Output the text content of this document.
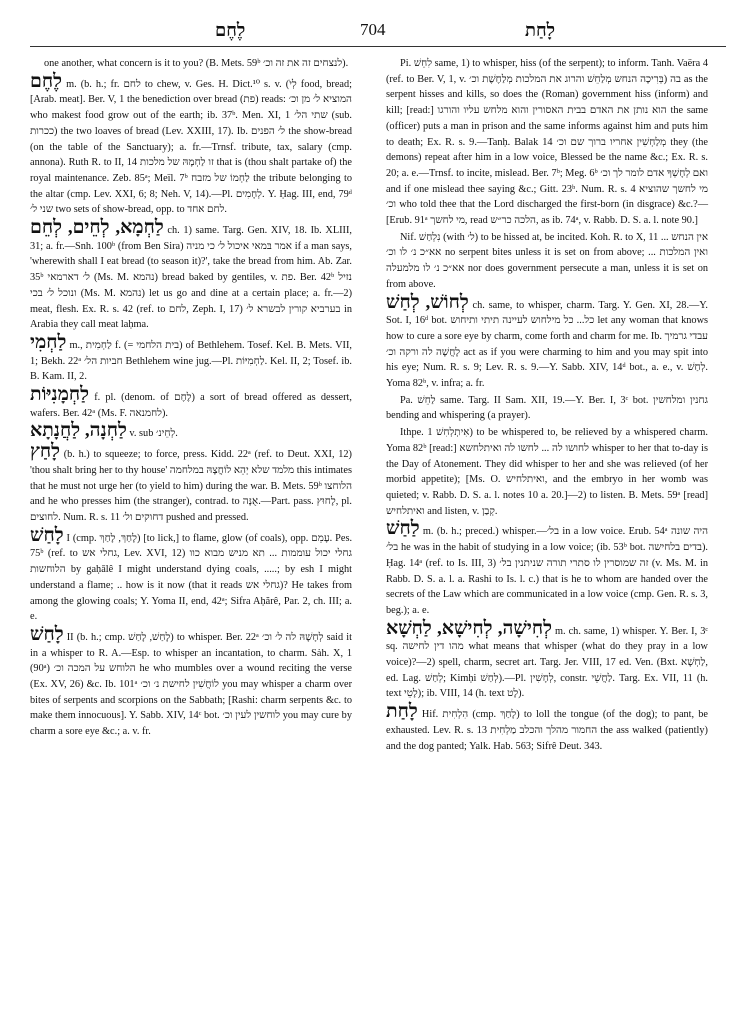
לֶחֶם	704	לָחַת

one another, what concern is it to you? (B. Mets. 59ᵇ לנצחים זה את זה וכ׳).

לֶחֶם m. (b. h.; fr. לחם to chew, v. Ges. H. Dict.¹⁰ s. v. (לְיֹ food, bread; [Arab. meat]. Ber. V, 1 the benediction over bread (פת) reads: המוציא ל׳ מן וכ׳ who makest food grow out of the earth; ib. 37ᵇ. Men. XI, 1 שתי הל׳ (sub. ככרות) the two loaves of bread (Lev. XXIII, 17). Ib. ל׳ הפנים the show-bread (on the table of the Sanctuary); a. fr.—Trnsf. tribute, tax, salary (cmp. annona). Ruth R. to II, 14 זו לַחְמָהּ של מלכות that is (thou shalt partake of) the royal maintenance. Zeb. 85ᵃ; Meïl. 7ᵇ לַחְמוֹ של מזבח the tribute belonging to the altar (cmp. Lev. XXI, 6; 8; Neh. V, 14).—Pl. לְחָמִים. Y. Ḥag. III, end, 79ᵈ שני ל׳ two sets of show-bread, opp. to לחם אחד.

לַחְמָא, לְחֵים, לְחֵם ch. 1) same. Targ. Gen. XIV, 18. Ib. XLIII, 31; a. fr.—Snh. 100ᵇ (from Ben Sira) אמר בּמאי איכול ל׳ כי מניה if a man says, 'wherewith shall I eat bread (to season it)?', take the bread from him. Ab. Zar. 35ᵇ ל׳ דארמאי (Ms. M. נהמא) bread baked by gentiles, v. פת. Ber. 42ᵇ נזיל ונוכל ל׳ בכי (Ms. M. נהמא) let us go and dine at a certain place; a. fr.—2) meat, flesh. Ex. R. s. 42 (ref. to לחם, Zeph. I, 17) בערביא קורין לבשרא ל׳ in Arabia they call meat laḥma.

לַחְמִי m., לַחְמִית f. (= בית הלחמי) of Bethlehem. Tosef. Kel. B. Mets. VII, 1; Bekh. 22ᵃ חביות הל׳ Bethlehem wine jug.—Pl. לַחְמִיּוֹת. Kel. II, 2; Tosef. ib. B. Kam. II, 2.

לַחְמָנִיּוֹת f. pl. (denom. of לֶחֶם) a sort of bread offered as dessert, wafers. Ber. 42ᵃ (Ms. F. לחמנאה).

לַחְנָה, לַחֲנָתָא v. sub לְחֵינ׳.

לָחַץ (b. h.) to squeeze; to force, press. Kidd. 22ᵃ (ref. to Deut. XXI, 12) 'thou shalt bring her to thy house' מלמד שלא יְהֵא לוֹחֲצָהּ במלחמה this intimates that he must not urge her (to yield to him) during the war. B. Mets. 59ᵇ הלוחצו and he who presses him (the stranger), contrad. to אֻנָּה.—Part. pass. לָחוּץ, pl. לחוצים. Num. R. s. 11 דחוקים ול׳ pushed and pressed.

לָחַשׁ I (cmp. לָחַךְ, לָחַךְ) [to lick,] to flame, glow (of coals), opp. עָמֵם. Pes. 75ᵇ (ref. to גחלי אש, Lev. XVI, 12) גחלי יכול עוממות ... תא מניש מבוא כוו הלוחשות by gaḥālê I might understand dying coals, .....; by esh I might understand a flame; .. how is it now (that it reads גחלי אש)? He takes from among the glowing coals; Y. Yoma II, end, 42ᵃ; Sifra Aḥărê, Par. 2, ch. III; a. e.

לָחַשׁ II (b. h.; cmp. לָחַשׁ, לָחַשׁ) to whisper. Ber. 22ᵃ לְחָשָׁהּ לה ל׳ וכ׳ said it in a whisper to R. A.—Esp. to whisper an incantation, to charm. Sȧh. X, 1 (90ᵃ) הלוחש על המכה וכ׳ he who mumbles over a wound reciting the verse (Ex. XV, 26) &c. Ib. 101ᵃ לוֹחֲשִׁין לחישת נ׳ וכ׳ you may whisper a charm over bites of serpents and scorpions on the Sabbath; [Rashi: charm serpents &c. to make them innocuous]. Y. Sabb. XIV, 14ᶜ bot. לוחשין לעין וכ׳ you may cure by charm a sore eye &c.; a. v. fr.

Pi. לִחֵשׁ same, 1) to whisper, hiss (of the serpent); to inform. Tanh. Vaëra 4 (ref. to Ber. V, 1, v. בה (בְּרִיכָה הנחש מְלַחֵשׁ והרוג את המלכות מְלַחֶשֶׁת וכ׳ as the serpent hisses and kills, so does the (Roman) government hiss (inform) and kill; [read:] הוא נותן את האדם בבית האסורין והוא מלחש עליו והורגו the same (officer) puts a man in prison and the same informs against him and puts him to death; Ex. R. s. 9.—Tanḥ. Balak 14 מְלַחְשִׁין אחריו ברוך שם וכ׳ they (the demons) repeat after him in a low voice, Blessed be the name &c.; Ex. R. s. 20; a. e.—Trnsf. to incite, mislead. Ber. 7ᵇ; Meg. 6ᵇ ואם לְחָשְׁךָ אדם לומר לך וכ׳ and if one mislead thee saying &c.; Gitt. 23ᵇ. Num. R. s. 4 מי לחשך שהוציא וכ׳ who told thee that the Lord discharged the first-born (in disgrace) &c.?—[Erub. 91ᵃ מי לחשך, read הלכה כר״ש, as ib. 74ᵃ, v. Rabb. D. S. a. l. note 90.]

Nif. נִלְחַשׁ (with ל׳) to be hissed at, be incited. Koh. R. to X, 11 אין הנחש ... אא״כ נ׳ לו וכ׳ no serpent bites unless it is set on from above; ואין המלכות ... אא״כ נ׳ לו מלמעלה nor does government persecute a man, unless it is set on from above.

לְחוֹשׁ, לְחַשׁ ch. same, to whisper, charm. Targ. Y. Gen. XI, 28.—Y. Sot. I, 16ᵈ bot. כל... כל מילחוש לעיינה תיתי ותיחוש let any woman that knows how to cure a sore eye by charm, come forth and charm for me. Ib. עבדי גרמיך לָחֲשָׁה לה ורקה וכ׳ act as if you were charming to him and you may spit into his eye; Num. R. s. 9; Lev. R. s. 9.—Y. Sabb. XIV, 14ᵈ bot., a. e., v. לְחַשׁ. Yoma 82ᵇ, v. infra; a. fr.

Pa. לַחֵשׁ same. Targ. II Sam. XII, 19.—Y. Ber. I, 3ᶜ bot. גחנין ומלחשין bending and whispering (a prayer).

Ithpe. אִיתְלְחִשׁ 1) to be whispered to, be relieved by a whispered charm. Yoma 82ᵇ [read:] לחושו לה ... לחשו לה ואיתלחשא whisper to her that to-day is the Day of Atonement. They did whisper to her and she was relieved (of her morbid appetite); [Ms. O. ואיתלחיש, and the embryo in her womb was quieted; v. Rabb. D. S. a. l. notes 10 a. 20.]—2) to listen. B. Mets. 59ᵃ [read] ואיתלחיש and listen, v. קְבַן.

לַחַשׁ m. (b. h.; preced.) whisper.—בל׳ in a low voice. Erub. 54ᵃ היה שונה בל׳ he was in the habit of studying in a low voice; (ib. 53ᵇ bot. בדים בלחישה). Ḥag. 14ᵃ (ref. to Is. III, 3) זה שמוסרין לו סתרי תורה שניתנין בל׳ (v. Ms. M. in Rabb. D. S. a. l. a. Rashi to Is. l. c.) that is he to whom are handed over the secrets of the Law which are communicated in a low voice (cmp. Gen. R. s. 3, beg.); a. e.

לְחִישָׁה, לְחִישָׁא, לַחְשָׁא m. ch. same, 1) whisper. Y. Ber. I, 3ᶜ sq. מהו דין לחישה what means that whisper (what do they pray in a low voice)?—2) spell, charm, secret art. Targ. Jer. VIII, 17 ed. Ven. (Bxt. לַחְשָׁא, ed. Lag. לְחַשׁ; Kimḥi לְחַשׁ).—Pl. לְחָשִׁין, constr. לַחֲשֵׁי. Targ. Ex. VII, 11 (h. text לָטֵי); ib. VIII, 14 (h. text לָט).

לָחַת Hif. הִלְחִית (cmp. לָחַךְ) to loll the tongue (of the dog); to pant, be exhausted. Lev. R. s. 13 החמור מהלך והכלב מַלְחִית the ass walked (patiently) and the dog panted; Yalk. Hab. 563; Sifrê Deut. 343.
